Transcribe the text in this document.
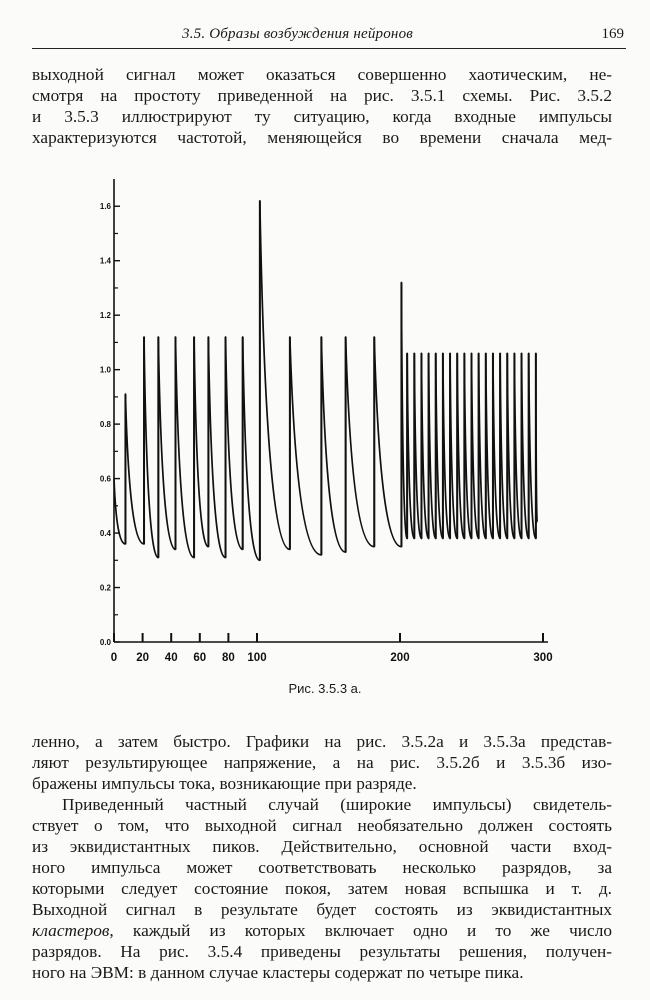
3.5. Образы возбуждения нейронов	169
выходной сигнал может оказаться совершенно хаотическим, не-
смотря на простоту приведенной на рис. 3.5.1 схемы. Рис. 3.5.2
и 3.5.3 иллюстрируют ту ситуацию, когда входные импульсы
характеризуются частотой, меняющейся во времени сначала мед-
0.0
0.2
0.4
0.6
0.8
1.0
1.2
1.4
1.6
0 20 40 60 80 100	200	300
Рис. 3.5.3 а.
ленно, а затем быстро. Графики на рис. 3.5.2а и 3.5.3а представ-
ляют результирующее напряжение, а на рис. 3.5.2б и 3.5.3б изо-
бражены импульсы тока, возникающие при разряде.
Приведенный частный случай (широкие импульсы) свидетель-
ствует о том, что выходной сигнал необязательно должен состоять
из эквидистантных пиков. Действительно, основной части вход-
ного импульса может соответствовать несколько разрядов, за
которыми следует состояние покоя, затем новая вспышка и т. д.
Выходной сигнал в результате будет состоять из эквидистантных
кластеров, каждый из которых включает одно и то же число
разрядов. На рис. 3.5.4 приведены результаты решения, получен-
ного на ЭВМ: в данном случае кластеры содержат по четыре пика.
